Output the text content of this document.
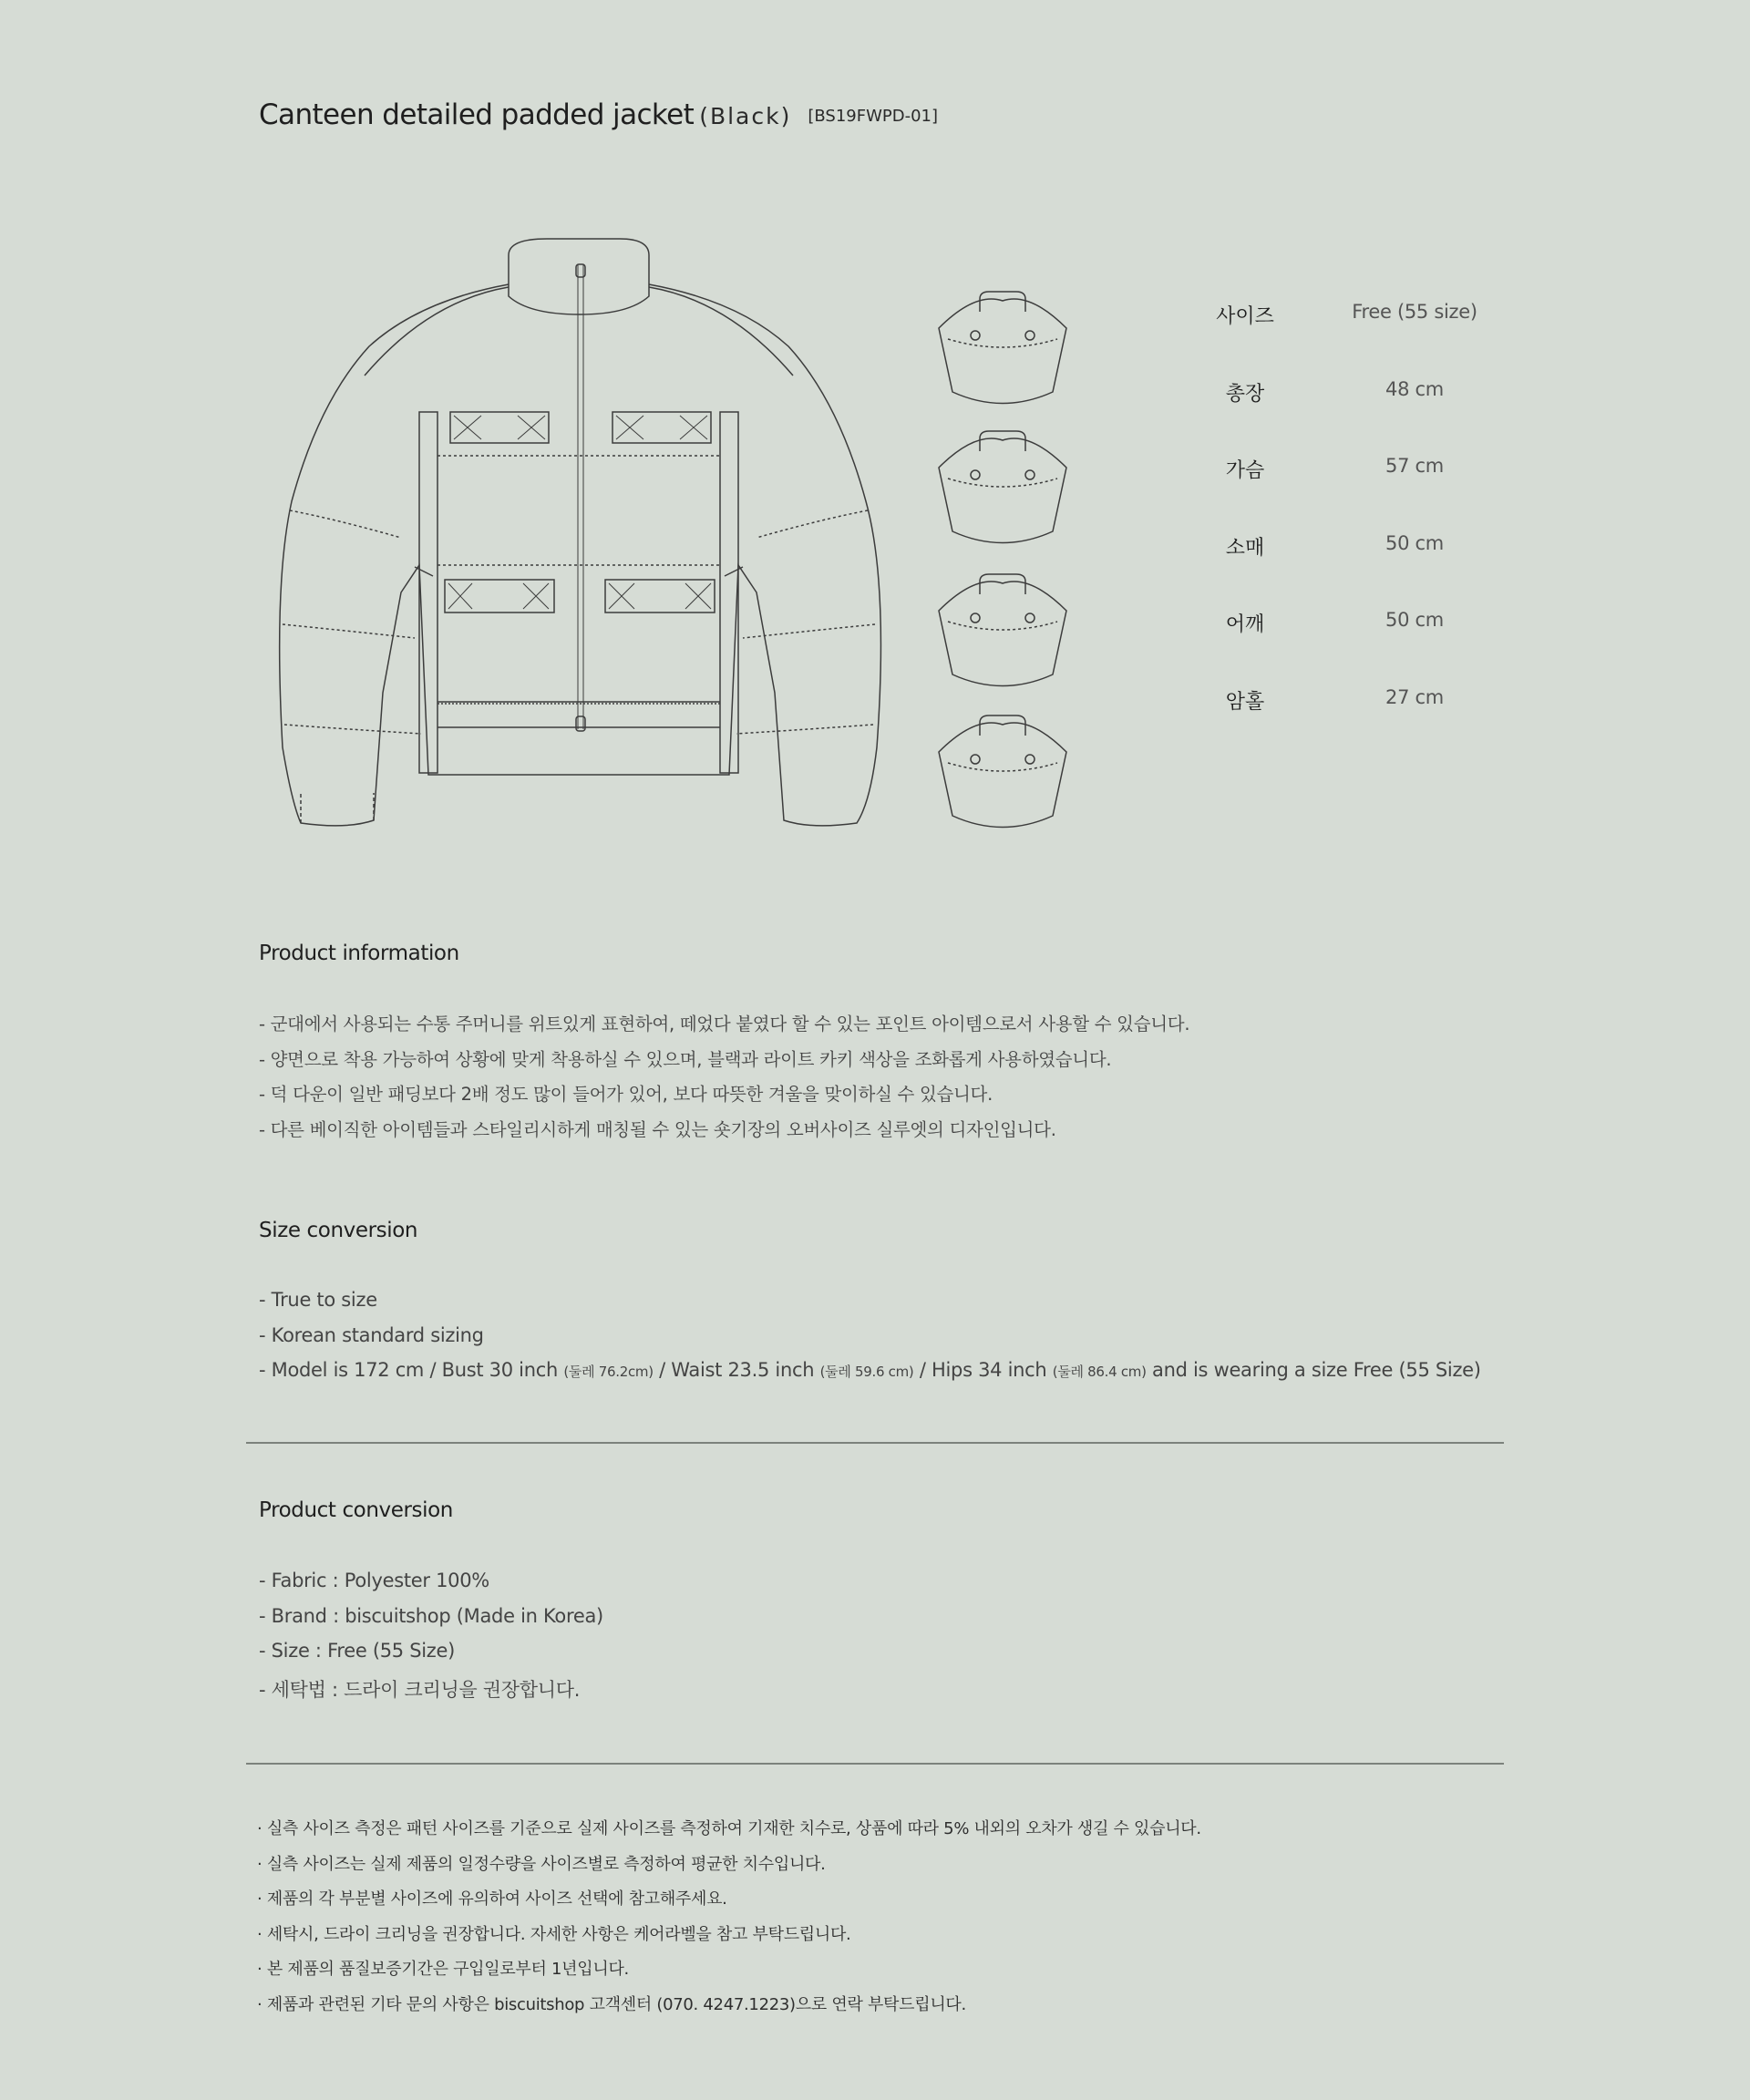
Canteen detailed padded jacket (Black) [BS19FWPD-01]
사이즈	Free (55 size)
총장	48 cm
가슴	57 cm
소매	50 cm
어깨	50 cm
암홀	27 cm
Product information
- 군대에서 사용되는 수통 주머니를 위트있게 표현하여, 떼었다 붙였다 할 수 있는 포인트 아이템으로서 사용할 수 있습니다.
- 양면으로 착용 가능하여 상황에 맞게 착용하실 수 있으며, 블랙과 라이트 카키 색상을 조화롭게 사용하였습니다.
- 덕 다운이 일반 패딩보다 2배 정도 많이 들어가 있어, 보다 따뜻한 겨울을 맞이하실 수 있습니다.
- 다른 베이직한 아이템들과 스타일리시하게 매칭될 수 있는 숏기장의 오버사이즈 실루엣의 디자인입니다.
Size conversion
- True to size
- Korean standard sizing
- Model is 172 cm / Bust 30 inch (둘레 76.2cm) / Waist 23.5 inch (둘레 59.6 cm) / Hips 34 inch (둘레 86.4 cm) and is wearing a size Free (55 Size)
Product conversion
- Fabric : Polyester 100%
- Brand : biscuitshop (Made in Korea)
- Size : Free (55 Size)
- 세탁법 : 드라이 크리닝을 권장합니다.
· 실측 사이즈 측정은 패턴 사이즈를 기준으로 실제 사이즈를 측정하여 기재한 치수로, 상품에 따라 5% 내외의 오차가 생길 수 있습니다.
· 실측 사이즈는 실제 제품의 일정수량을 사이즈별로 측정하여 평균한 치수입니다.
· 제품의 각 부분별 사이즈에 유의하여 사이즈 선택에 참고해주세요.
· 세탁시, 드라이 크리닝을 권장합니다. 자세한 사항은 케어라벨을 참고 부탁드립니다.
· 본 제품의 품질보증기간은 구입일로부터 1년입니다.
· 제품과 관련된 기타 문의 사항은 biscuitshop 고객센터 (070. 4247.1223)으로 연락 부탁드립니다.
